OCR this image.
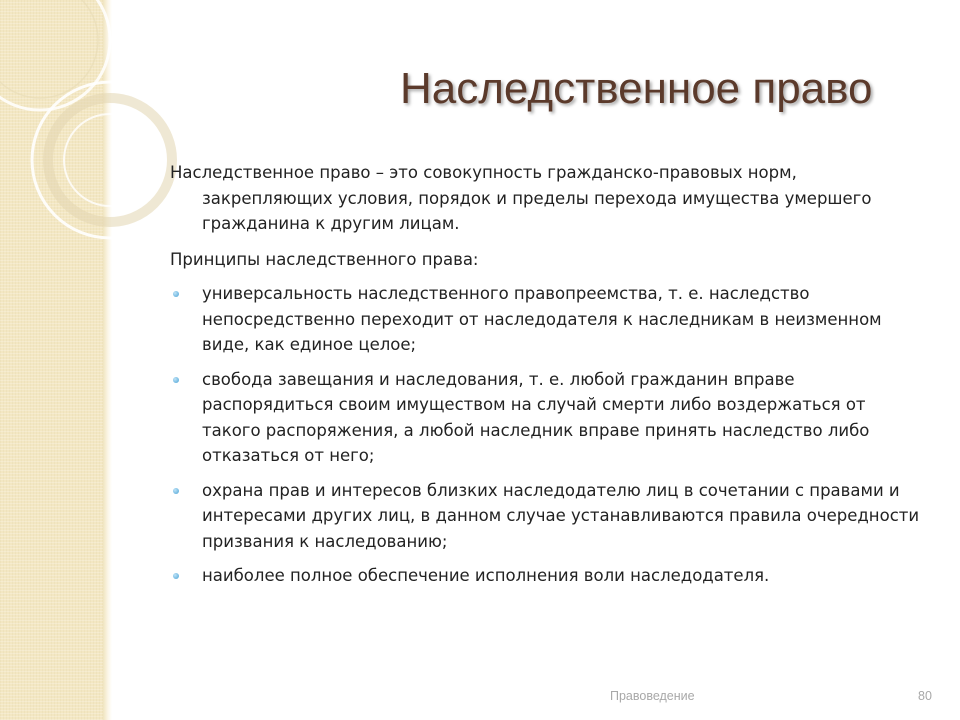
Наследственное право

Наследственное право – это совокупность гражданско-правовых норм, закрепляющих условия, порядок и пределы перехода имущества умершего гражданина к другим лицам.

Принципы наследственного права:

универсальность наследственного правопреемства, т. е. наследство непосредственно переходит от наследодателя к наследникам в неизменном виде, как единое целое;
свобода завещания и наследования, т. е. любой гражданин вправе распорядиться своим имуществом на случай смерти либо воздержаться от такого распоряжения, а любой наследник вправе принять наследство либо отказаться от него;
охрана прав и интересов близких наследодателю лиц в сочетании с правами и интересами других лиц, в данном случае устанавливаются правила очередности призвания к наследованию;
наиболее полное обеспечение исполнения воли наследодателя.
Правоведение	80
